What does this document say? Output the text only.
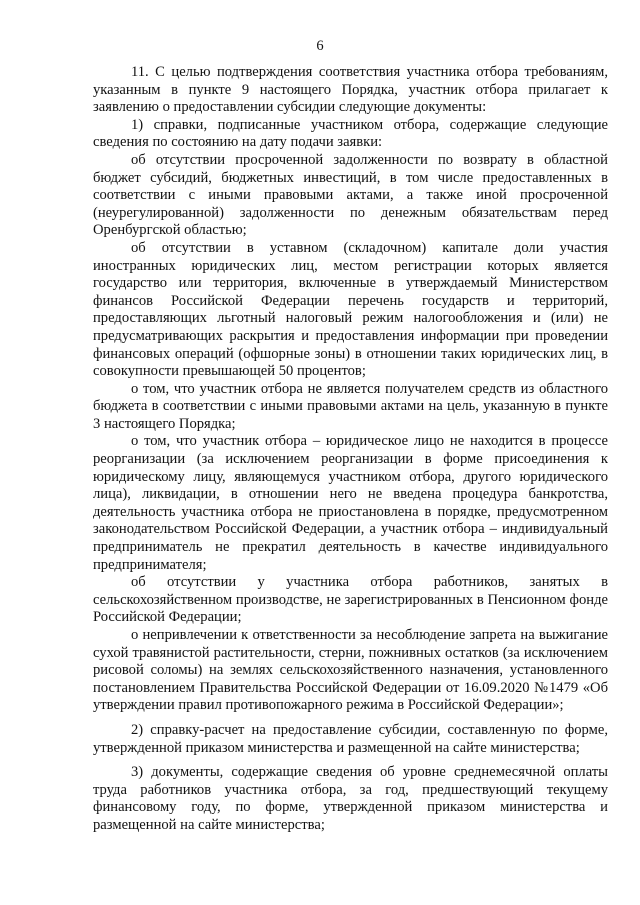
6

11. С целью подтверждения соответствия участника отбора требованиям, указанным в пункте 9 настоящего Порядка, участник отбора прилагает к заявлению о предоставлении субсидии следующие документы:

1) справки, подписанные участником отбора, содержащие следующие сведения по состоянию на дату подачи заявки:

об отсутствии просроченной задолженности по возврату в областной бюджет субсидий, бюджетных инвестиций, в том числе предоставленных в соответствии с иными правовыми актами, а также иной просроченной (неурегулированной) задолженности по денежным обязательствам перед Оренбургской областью;

об отсутствии в уставном (складочном) капитале доли участия иностранных юридических лиц, местом регистрации которых является государство или территория, включенные в утверждаемый Министерством финансов Российской Федерации перечень государств и территорий, предоставляющих льготный налоговый режим налогообложения и (или) не предусматривающих раскрытия и предоставления информации при проведении финансовых операций (офшорные зоны) в отношении таких юридических лиц, в совокупности превышающей 50 процентов;

о том, что участник отбора не является получателем средств из областного бюджета в соответствии с иными правовыми актами на цель, указанную в пункте 3 настоящего Порядка;

о том, что участник отбора – юридическое лицо не находится в процессе реорганизации (за исключением реорганизации в форме присоединения к юридическому лицу, являющемуся участником отбора, другого юридического лица), ликвидации, в отношении него не введена процедура банкротства, деятельность участника отбора не приостановлена в порядке, предусмотренном законодательством Российской Федерации, а участник отбора – индивидуальный предприниматель не прекратил деятельность в качестве индивидуального предпринимателя;

об отсутствии у участника отбора работников, занятых в сельскохозяйственном производстве, не зарегистрированных в Пенсионном фонде Российской Федерации;

о непривлечении к ответственности за несоблюдение запрета на выжигание сухой травянистой растительности, стерни, пожнивных остатков (за исключением рисовой соломы) на землях сельскохозяйственного назначения, установленного постановлением Правительства Российской Федерации от 16.09.2020 №1479 «Об утверждении правил противопожарного режима в Российской Федерации»;

2) справку-расчет на предоставление субсидии, составленную по форме, утвержденной приказом министерства и размещенной на сайте министерства;

3) документы, содержащие сведения об уровне среднемесячной оплаты труда работников участника отбора, за год, предшествующий текущему финансовому году, по форме, утвержденной приказом министерства и размещенной на сайте министерства;
